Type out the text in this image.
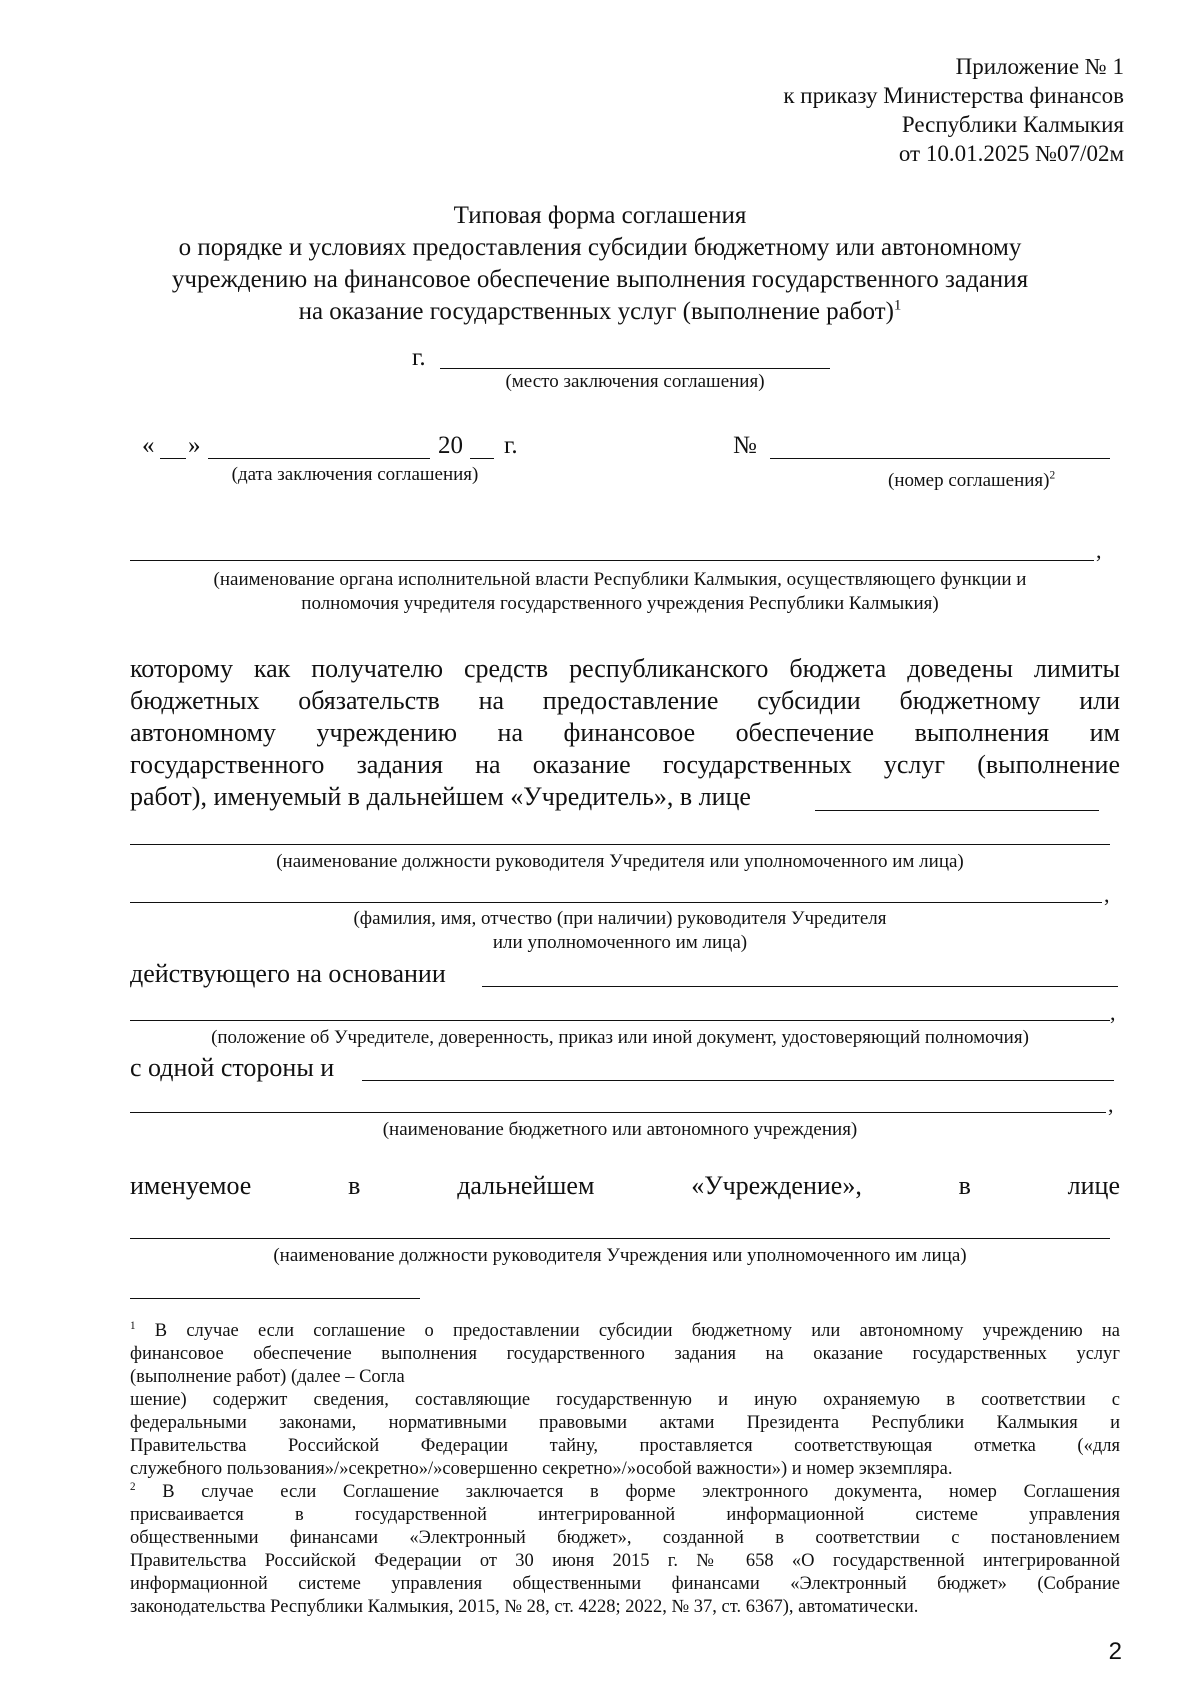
Приложение № 1
к приказу Министерства финансов
Республики Калмыкия
от 10.01.2025 №07/02м
Типовая форма соглашения
о порядке и условиях предоставления субсидии бюджетному или автономному
учреждению на финансовое обеспечение выполнения государственного задания
на оказание государственных услуг (выполнение работ)$^1$
г.
(место заключения соглашения)
« »	20 г.
(дата заключения соглашения)
№
(номер соглашения)$^2$
,
(наименование органа исполнительной власти Республики Калмыкия, осуществляющего функции и
полномочия учредителя государственного учреждения Республики Калмыкия)
которому как получателю средств республиканского бюджета доведены лимиты
бюджетных обязательств на предоставление субсидии бюджетному или
автономному учреждению на финансовое обеспечение выполнения им
государственного задания на оказание государственных услуг (выполнение
работ), именуемый в дальнейшем «Учредитель», в лице
(наименование должности руководителя Учредителя или уполномоченного им лица)
,
(фамилия, имя, отчество (при наличии) руководителя Учредителя
или уполномоченного им лица)
действующего на основании
,
(положение об Учредителе, доверенность, приказ или иной документ, удостоверяющий полномочия)
с одной стороны и
,
(наименование бюджетного или автономного учреждения)
именуемое	в	дальнейшем	«Учреждение»,	в	лице
(наименование должности руководителя Учреждения или уполномоченного им лица)
$^1$ В случае если соглашение о предоставлении субсидии бюджетному или автономному учреждению на
финансовое обеспечение выполнения государственного задания на оказание государственных услуг
(выполнение работ) (далее – Согла
шение) содержит сведения, составляющие государственную и иную охраняемую в соответствии с
федеральными законами, нормативными правовыми актами Президента Республики Калмыкия и
Правительства Российской Федерации тайну, проставляется соответствующая отметка («для
служебного пользования»/»секретно»/»совершенно секретно»/»особой важности») и номер экземпляра.
$^2$ В случае если Соглашение заключается в форме электронного документа, номер Соглашения
присваивается в государственной интегрированной информационной системе управления
общественными финансами «Электронный бюджет», созданной в соответствии с постановлением
Правительства Российской Федерации от 30 июня 2015 г. № 658 «О государственной интегрированной
информационной системе управления общественными финансами «Электронный бюджет» (Собрание
законодательства Республики Калмыкия, 2015, № 28, ст. 4228; 2022, № 37, ст. 6367), автоматически.
2
